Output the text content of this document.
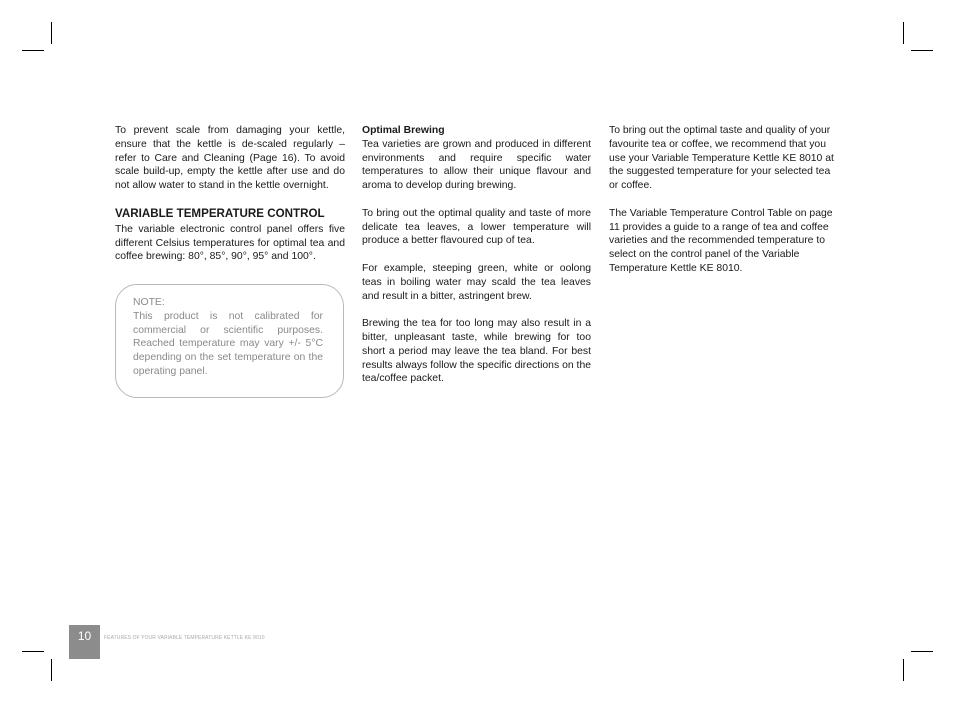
To prevent scale from damaging your kettle, ensure that the kettle is de-scaled regularly – refer to Care and Cleaning (Page 16). To avoid scale build-up, empty the kettle after use and do not allow water to stand in the kettle overnight.

VARIABLE TEMPERATURE CONTROL

The variable electronic control panel offers five different Celsius temperatures for optimal tea and coffee brewing: 80°, 85°, 90°, 95° and 100°.

NOTE:
This product is not calibrated for commercial or scientific purposes. Reached temperature may vary +/- 5°C depending on the set temperature on the operating panel.

Optimal Brewing

Tea varieties are grown and produced in different environments and require specific water temperatures to allow their unique flavour and aroma to develop during brewing.

To bring out the optimal quality and taste of more delicate tea leaves, a lower temperature will produce a better flavoured cup of tea.

For example, steeping green, white or oolong teas in boiling water may scald the tea leaves and result in a bitter, astringent brew.

Brewing the tea for too long may also result in a bitter, unpleasant taste, while brewing for too short a period may leave the tea bland. For best results always follow the specific directions on the tea/coffee packet.

To bring out the optimal taste and quality of your favourite tea or coffee, we recommend that you use your Variable Temperature Kettle KE 8010 at the suggested temperature for your selected tea or coffee.

The Variable Temperature Control Table on page 11 provides a guide to a range of tea and coffee varieties and the recommended temperature to select on the control panel of the Variable Temperature Kettle KE 8010.

10	FEATURES OF YOUR VARIABLE TEMPERATURE KETTLE KE 8010
